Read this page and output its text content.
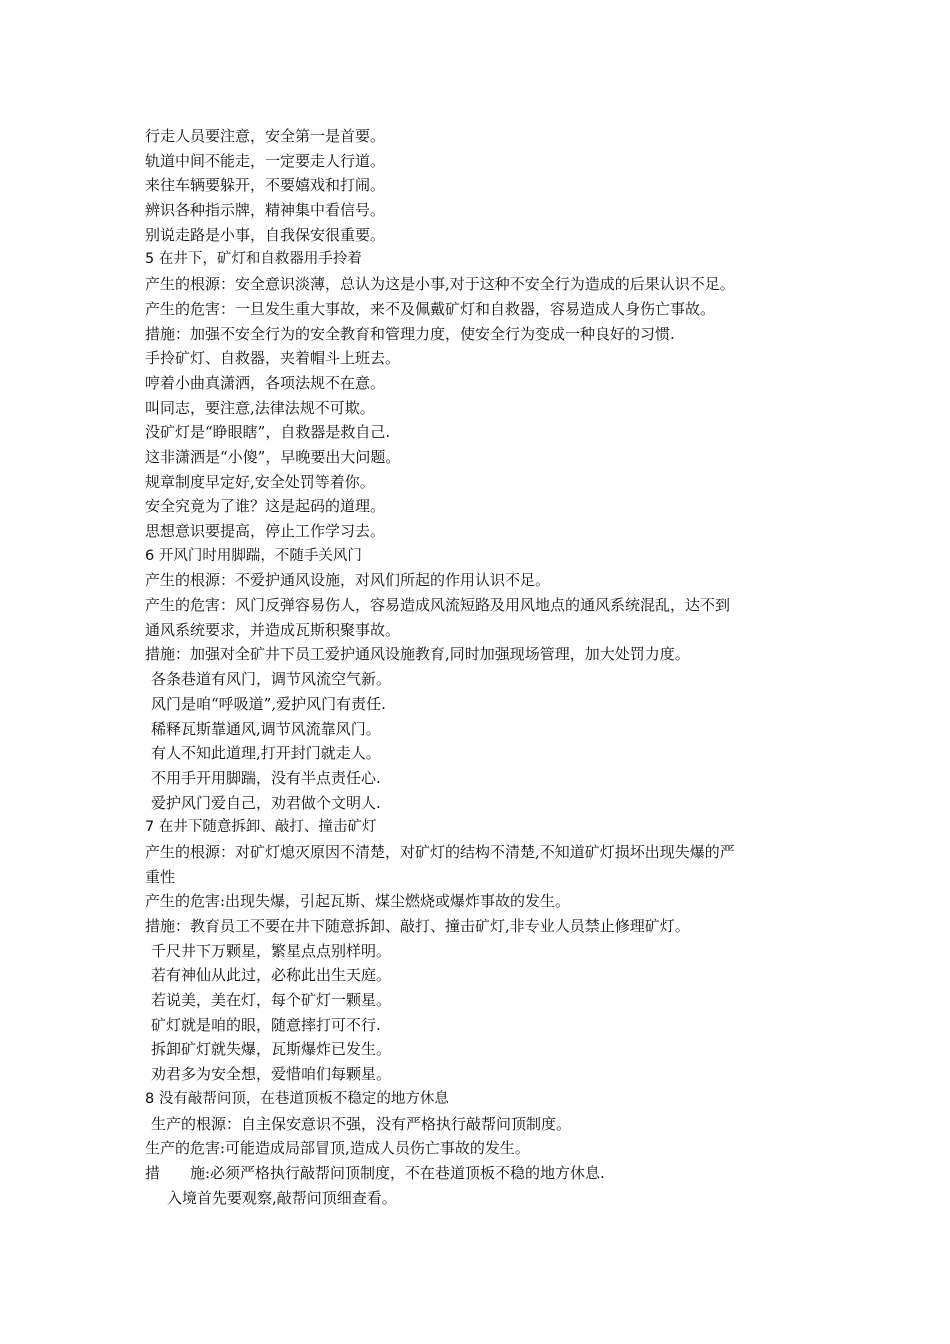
行走人员要注意，安全第一是首要。
轨道中间不能走，一定要走人行道。
来往车辆要躲开，不要嬉戏和打闹。
辨识各种指示牌，精神集中看信号。
别说走路是小事，自我保安很重要。
5 在井下，矿灯和自救器用手拎着
产生的根源：安全意识淡薄，总认为这是小事,对于这种不安全行为造成的后果认识不足。
产生的危害：一旦发生重大事故，来不及佩戴矿灯和自救器，容易造成人身伤亡事故。
措施：加强不安全行为的安全教育和管理力度，使安全行为变成一种良好的习惯.
手拎矿灯、自救器，夹着帽斗上班去。
哼着小曲真潇洒，各项法规不在意。
叫同志，要注意,法律法规不可欺。
没矿灯是“睁眼瞎”，自救器是救自己.
这非潇洒是“小傻”，早晚要出大问题。
规章制度早定好,安全处罚等着你。
安全究竟为了谁？这是起码的道理。
思想意识要提高，停止工作学习去。
6 开风门时用脚踹，不随手关风门
产生的根源：不爱护通风设施，对风们所起的作用认识不足。
产生的危害：风门反弹容易伤人，容易造成风流短路及用风地点的通风系统混乱，达不到
通风系统要求，并造成瓦斯积聚事故。
措施：加强对全矿井下员工爱护通风设施教育,同时加强现场管理，加大处罚力度。
各条巷道有风门，调节风流空气新。
风门是咱“呼吸道”,爱护风门有责任.
稀释瓦斯靠通风,调节风流靠风门。
有人不知此道理,打开封门就走人。
不用手开用脚踹，没有半点责任心.
爱护风门爱自己，劝君做个文明人.
7 在井下随意拆卸、敲打、撞击矿灯
产生的根源：对矿灯熄灭原因不清楚，对矿灯的结构不清楚,不知道矿灯损坏出现失爆的严
重性
产生的危害:出现失爆，引起瓦斯、煤尘燃烧或爆炸事故的发生。
措施：教育员工不要在井下随意拆卸、敲打、撞击矿灯,非专业人员禁止修理矿灯。
千尺井下万颗星，繁星点点别样明。
若有神仙从此过，必称此出生天庭。
若说美，美在灯，每个矿灯一颗星。
矿灯就是咱的眼，随意摔打可不行.
拆卸矿灯就失爆，瓦斯爆炸已发生。
劝君多为安全想，爱惜咱们每颗星。
8 没有敲帮问顶，在巷道顶板不稳定的地方休息
生产的根源：自主保安意识不强，没有严格执行敲帮问顶制度。
生产的危害:可能造成局部冒顶,造成人员伤亡事故的发生。
措　　施:必须严格执行敲帮问顶制度，不在巷道顶板不稳的地方休息.
入境首先要观察,敲帮问顶细查看。
